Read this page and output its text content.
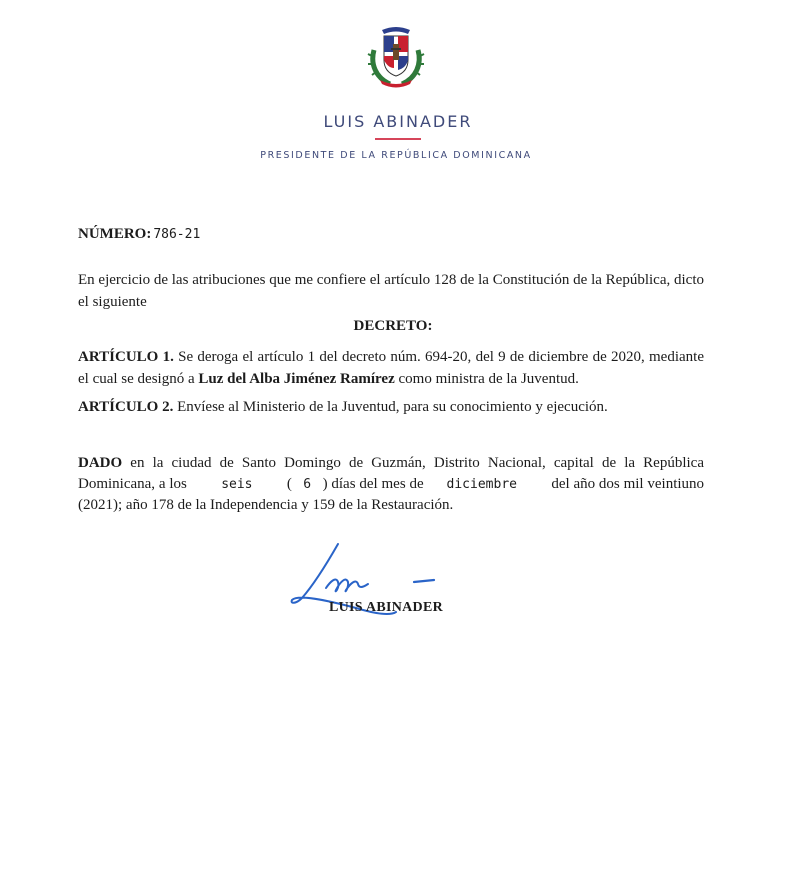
LUIS ABINADER
PRESIDENTE DE LA REPÚBLICA DOMINICANA
NÚMERO: 786-21
En ejercicio de las atribuciones que me confiere el artículo 128 de la Constitución de la República, dicto el siguiente
DECRETO:
ARTÍCULO 1. Se deroga el artículo 1 del decreto núm. 694-20, del 9 de diciembre de 2020, mediante el cual se designó a Luz del Alba Jiménez Ramírez como ministra de la Juventud.
ARTÍCULO 2. Envíese al Ministerio de la Juventud, para su conocimiento y ejecución.
DADO en la ciudad de Santo Domingo de Guzmán, Distrito Nacional, capital de la República Dominicana, a los         seis ( 6 ) días del mes de      diciembre         del año dos mil veintiuno (2021); año 178 de la Independencia y 159 de la Restauración.
LUIS ABINADER
